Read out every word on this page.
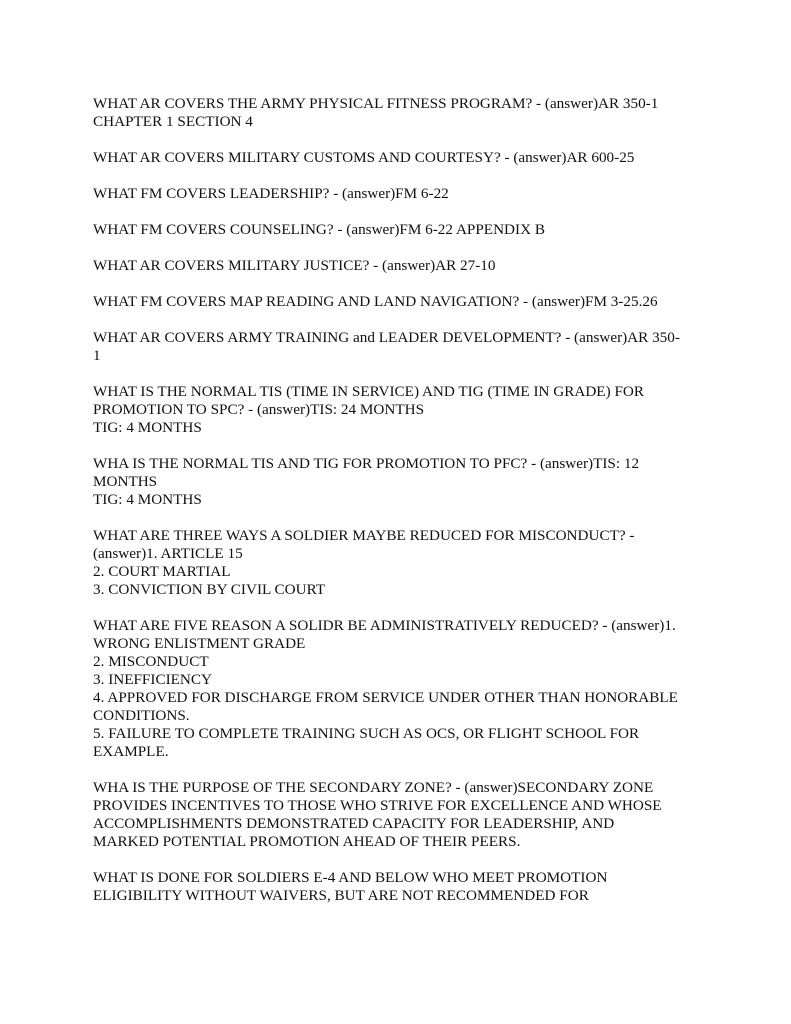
WHAT AR COVERS THE ARMY PHYSICAL FITNESS PROGRAM? - (answer)AR 350-1
CHAPTER 1 SECTION 4
WHAT AR COVERS MILITARY CUSTOMS AND COURTESY? - (answer)AR 600-25
WHAT FM COVERS LEADERSHIP? - (answer)FM 6-22
WHAT FM COVERS COUNSELING? - (answer)FM 6-22 APPENDIX B
WHAT AR COVERS MILITARY JUSTICE? - (answer)AR 27-10
WHAT FM COVERS MAP READING AND LAND NAVIGATION? - (answer)FM 3-25.26
WHAT AR COVERS ARMY TRAINING and LEADER DEVELOPMENT? - (answer)AR 350-
1
WHAT IS THE NORMAL TIS (TIME IN SERVICE) AND TIG (TIME IN GRADE) FOR
PROMOTION TO SPC? - (answer)TIS: 24 MONTHS
TIG: 4 MONTHS
WHA IS THE NORMAL TIS AND TIG FOR PROMOTION TO PFC? - (answer)TIS: 12
MONTHS
TIG: 4 MONTHS
WHAT ARE THREE WAYS A SOLDIER MAYBE REDUCED FOR MISCONDUCT? -
(answer)1. ARTICLE 15
2. COURT MARTIAL
3. CONVICTION BY CIVIL COURT
WHAT ARE FIVE REASON A SOLIDR BE ADMINISTRATIVELY REDUCED? - (answer)1.
WRONG ENLISTMENT GRADE
2. MISCONDUCT
3. INEFFICIENCY
4. APPROVED FOR DISCHARGE FROM SERVICE UNDER OTHER THAN HONORABLE
CONDITIONS.
5. FAILURE TO COMPLETE TRAINING SUCH AS OCS, OR FLIGHT SCHOOL FOR
EXAMPLE.
WHA IS THE PURPOSE OF THE SECONDARY ZONE? - (answer)SECONDARY ZONE
PROVIDES INCENTIVES TO THOSE WHO STRIVE FOR EXCELLENCE AND WHOSE
ACCOMPLISHMENTS DEMONSTRATED CAPACITY FOR LEADERSHIP, AND
MARKED POTENTIAL PROMOTION AHEAD OF THEIR PEERS.
WHAT IS DONE FOR SOLDIERS E-4 AND BELOW WHO MEET PROMOTION
ELIGIBILITY WITHOUT WAIVERS, BUT ARE NOT RECOMMENDED FOR
